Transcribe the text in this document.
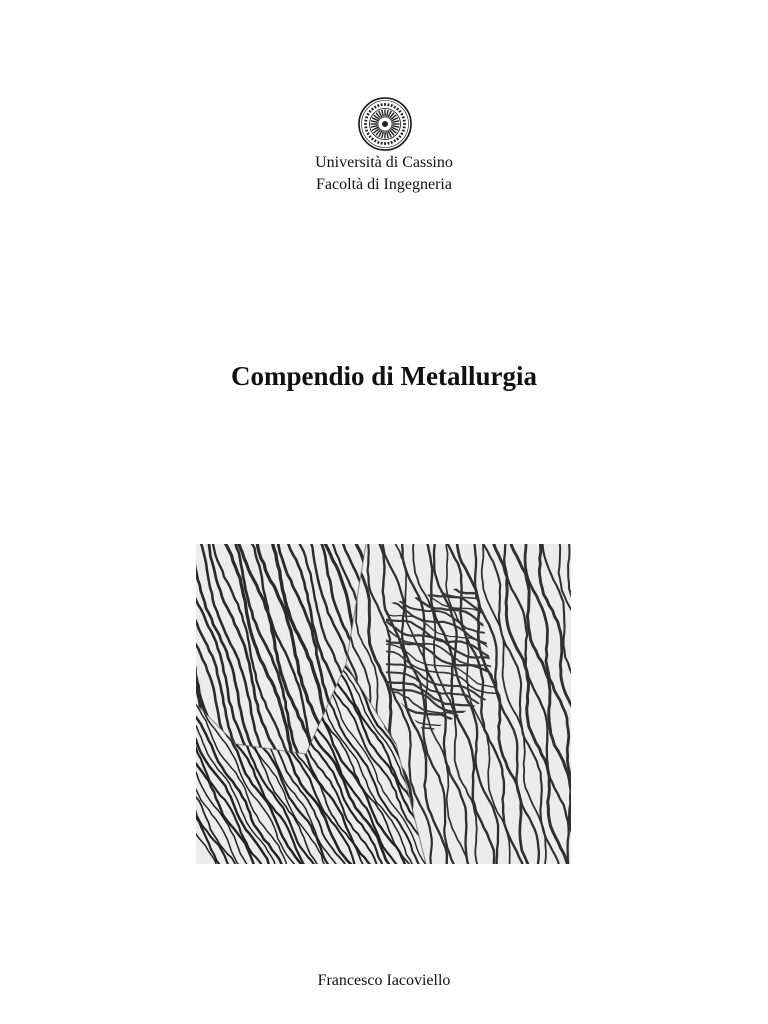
Università di Cassino
Facoltà di Ingegneria
Compendio di Metallurgia
Francesco Iacoviello
